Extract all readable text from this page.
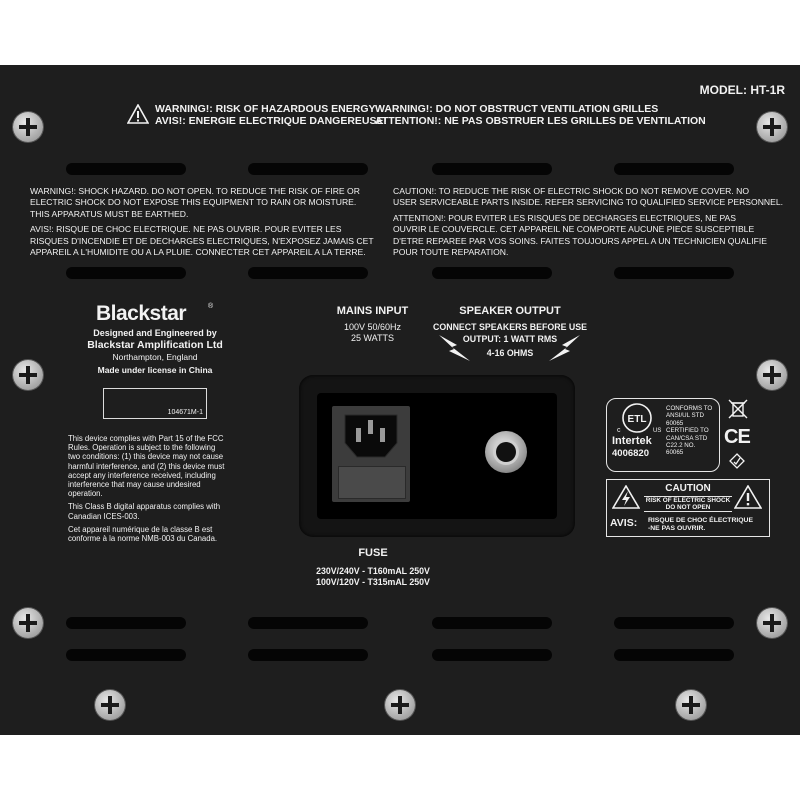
MODEL: HT-1R
WARNING!: RISK OF HAZARDOUS ENERGY
AVIS!: ENERGIE ELECTRIQUE DANGEREUSE!
WARNING!: DO NOT OBSTRUCT VENTILATION GRILLES
ATTENTION!: NE PAS OBSTRUER LES GRILLES DE VENTILATION
WARNING!: SHOCK HAZARD. DO NOT OPEN. TO REDUCE THE RISK OF FIRE OR
ELECTRIC SHOCK DO NOT EXPOSE THIS EQUIPMENT TO RAIN OR MOISTURE.
THIS APPARATUS MUST BE EARTHED.
AVIS!: RISQUE DE CHOC ELECTRIQUE. NE PAS OUVRIR. POUR EVITER LES
RISQUES D'INCENDIE ET DE DECHARGES ELECTRIQUES, N'EXPOSEZ JAMAIS CET
APPAREIL A L'HUMIDITE OU A LA PLUIE. CONNECTER CET APPAREIL A LA TERRE.
CAUTION!: TO REDUCE THE RISK OF ELECTRIC SHOCK DO NOT REMOVE COVER. NO
USER SERVICEABLE PARTS INSIDE. REFER SERVICING TO QUALIFIED SERVICE PERSONNEL.
ATTENTION!: POUR EVITER LES RISQUES DE DECHARGES ELECTRIQUES, NE PAS
OUVRIR LE COUVERCLE. CET APPAREIL NE COMPORTE AUCUNE PIECE SUSCEPTIBLE
D'ETRE REPAREE PAR VOS SOINS. FAITES TOUJOURS APPEL A UN TECHNICIEN QUALIFIE
POUR TOUTE REPARATION.
Blackstar	®
Designed and Engineered by
Blackstar Amplification Ltd
Northampton, England
Made under license in China
104671M-1
This device complies with Part 15 of the FCC
Rules. Operation is subject to the following
two conditions: (1) this device may not cause
harmful interference, and (2) this device must
accept any interference received, including
interference that may cause undesired
operation.
This Class B digital apparatus complies with
Canadian ICES-003.
Cet appareil numérique de la classe B est
conforme à la norme NMB-003 du Canada.
MAINS INPUT
100V 50/60Hz
25 WATTS
SPEAKER OUTPUT
CONNECT SPEAKERS BEFORE USE
OUTPUT: 1 WATT RMS
4-16 OHMS
FUSE
230V/240V - T160mAL 250V
100V/120V - T315mAL 250V
ETL
c	US
Intertek
4006820
CONFORMS TO
ANSI/UL STD
60065
CERTIFIED TO
CAN/CSA STD
C22.2 NO.
60065
CE
CAUTION
RISK OF ELECTRIC SHOCK
DO NOT OPEN
AVIS: RISQUE DE CHOC ÉLECTRIQUE
-NE PAS OUVRIR.
